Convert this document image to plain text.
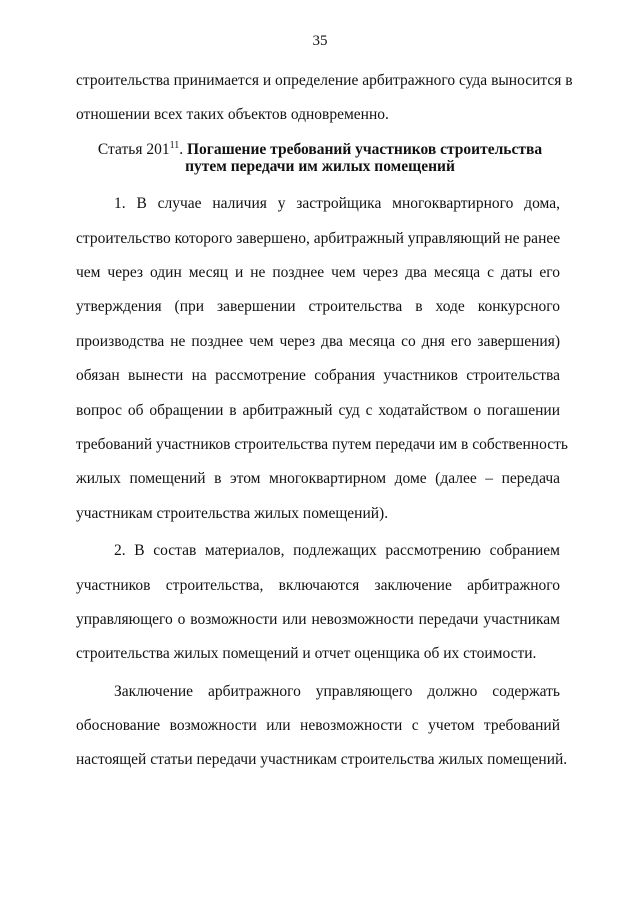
35
строительства принимается и определение арбитражного суда выносится в
отношении всех таких объектов одновременно.
Статья $201^{11}$. Погашение требований участников строительства
путем передачи им жилых помещений
1. В случае наличия у застройщика многоквартирного дома,
строительство которого завершено, арбитражный управляющий не ранее
чем через один месяц и не позднее чем через два месяца с даты его
утверждения (при завершении строительства в ходе конкурсного
производства не позднее чем через два месяца со дня его завершения)
обязан вынести на рассмотрение собрания участников строительства
вопрос об обращении в арбитражный суд с ходатайством о погашении
требований участников строительства путем передачи им в собственность
жилых помещений в этом многоквартирном доме (далее – передача
участникам строительства жилых помещений).
2. В состав материалов, подлежащих рассмотрению собранием
участников строительства, включаются заключение арбитражного
управляющего о возможности или невозможности передачи участникам
строительства жилых помещений и отчет оценщика об их стоимости.
Заключение арбитражного управляющего должно содержать
обоснование возможности или невозможности с учетом требований
настоящей статьи передачи участникам строительства жилых помещений.
